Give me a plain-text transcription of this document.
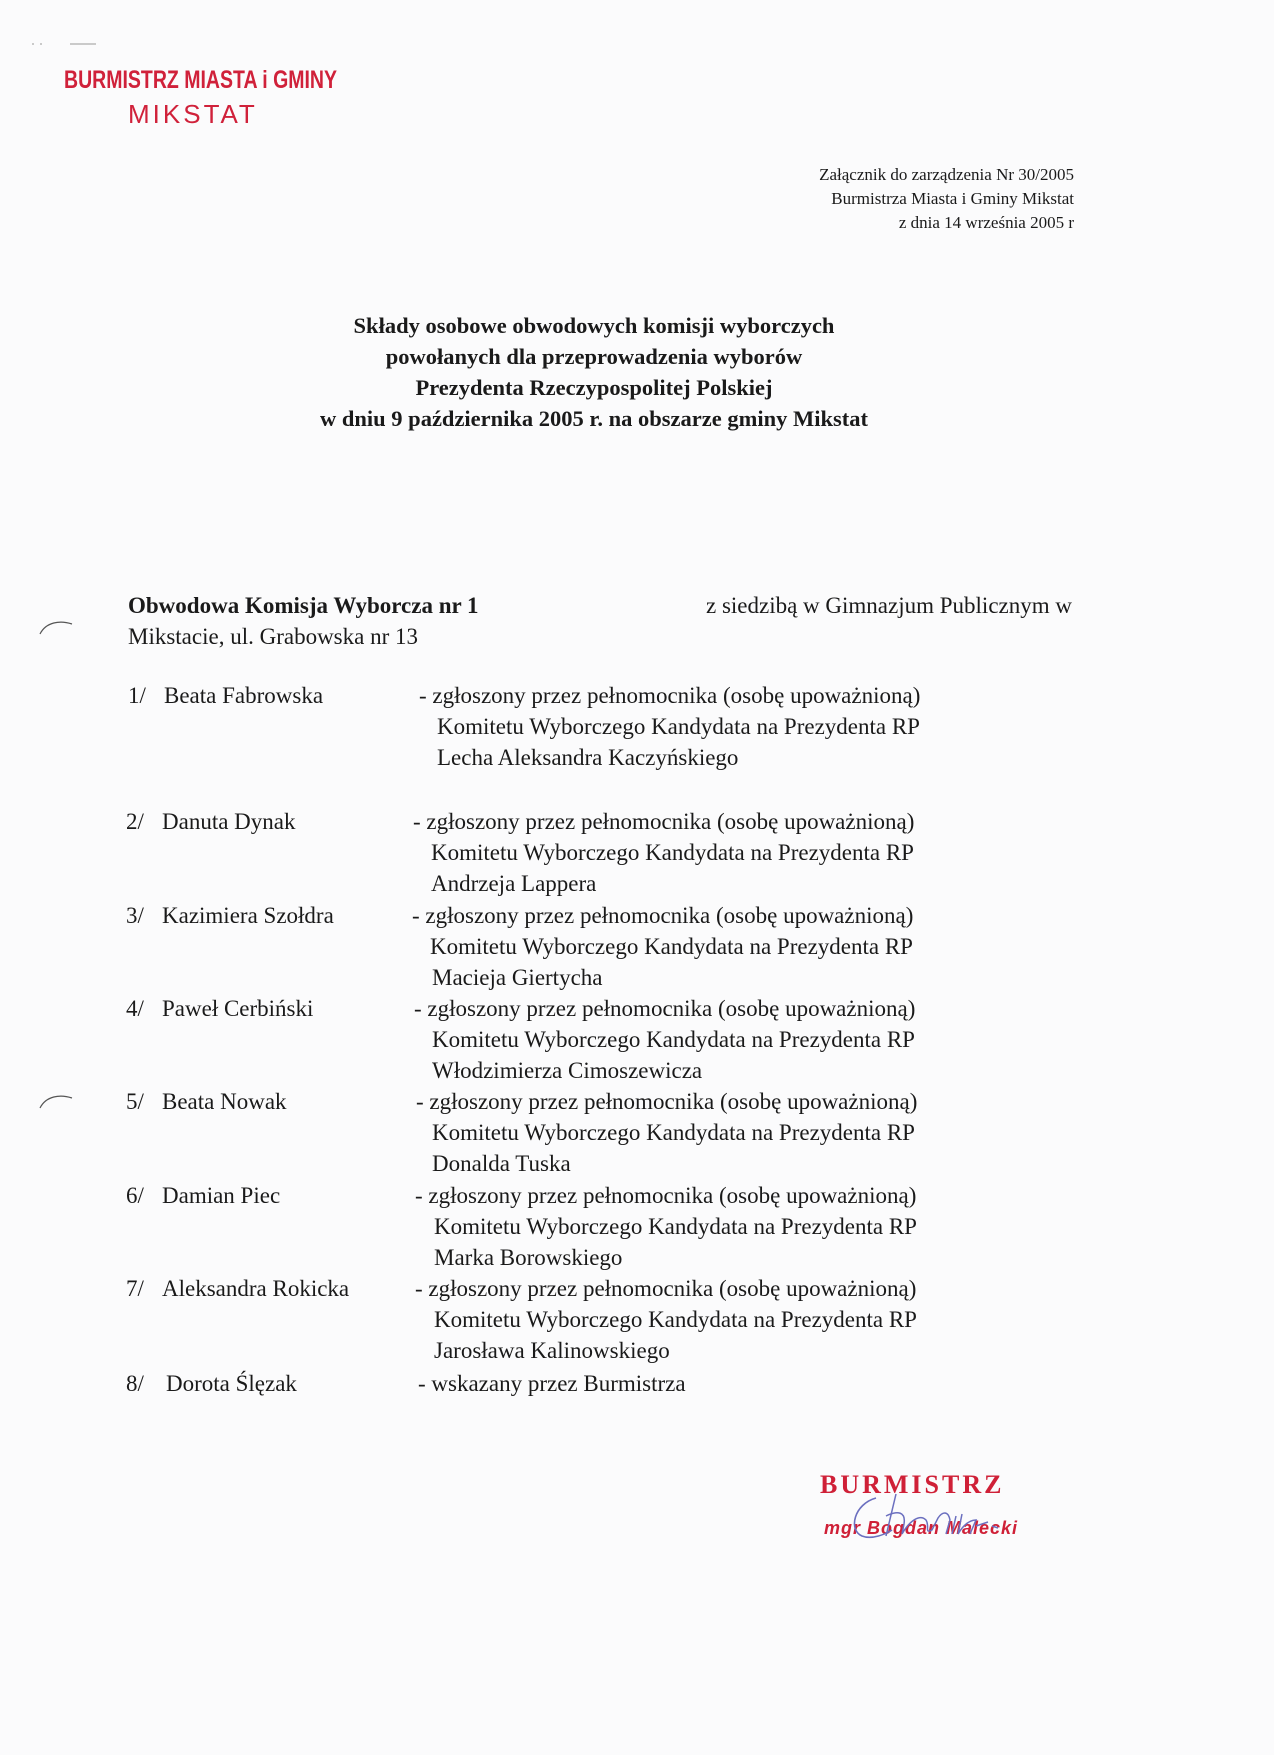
BURMISTRZ MIASTA i GMINY
MIKSTAT
Załącznik do zarządzenia Nr 30/2005
Burmistrza Miasta i Gminy Mikstat
z dnia 14 września 2005 r
Składy osobowe obwodowych komisji wyborczych
powołanych dla przeprowadzenia wyborów
Prezydenta Rzeczypospolitej Polskiej
w dniu 9 października 2005 r. na obszarze gminy Mikstat
Obwodowa Komisja Wyborcza nr 1	z siedzibą w Gimnazjum Publicznym w
Mikstacie, ul. Grabowska nr 13
1/ Beata Fabrowska	- zgłoszony przez pełnomocnika (osobę upoważnioną)
Komitetu Wyborczego Kandydata na Prezydenta RP
Lecha Aleksandra Kaczyńskiego
2/ Danuta Dynak	- zgłoszony przez pełnomocnika (osobę upoważnioną)
Komitetu Wyborczego Kandydata na Prezydenta RP
Andrzeja Lappera
3/ Kazimiera Szołdra	- zgłoszony przez pełnomocnika (osobę upoważnioną)
Komitetu Wyborczego Kandydata na Prezydenta RP
Macieja Giertycha
4/ Paweł Cerbiński	- zgłoszony przez pełnomocnika (osobę upoważnioną)
Komitetu Wyborczego Kandydata na Prezydenta RP
Włodzimierza Cimoszewicza
5/ Beata Nowak	- zgłoszony przez pełnomocnika (osobę upoważnioną)
Komitetu Wyborczego Kandydata na Prezydenta RP
Donalda Tuska
6/ Damian Piec	- zgłoszony przez pełnomocnika (osobę upoważnioną)
Komitetu Wyborczego Kandydata na Prezydenta RP
Marka Borowskiego
7/ Aleksandra Rokicka	- zgłoszony przez pełnomocnika (osobę upoważnioną)
Komitetu Wyborczego Kandydata na Prezydenta RP
Jarosława Kalinowskiego
8/ Dorota Ślęzak	- wskazany przez Burmistrza
BURMISTRZ
mgr Bogdan Malecki
